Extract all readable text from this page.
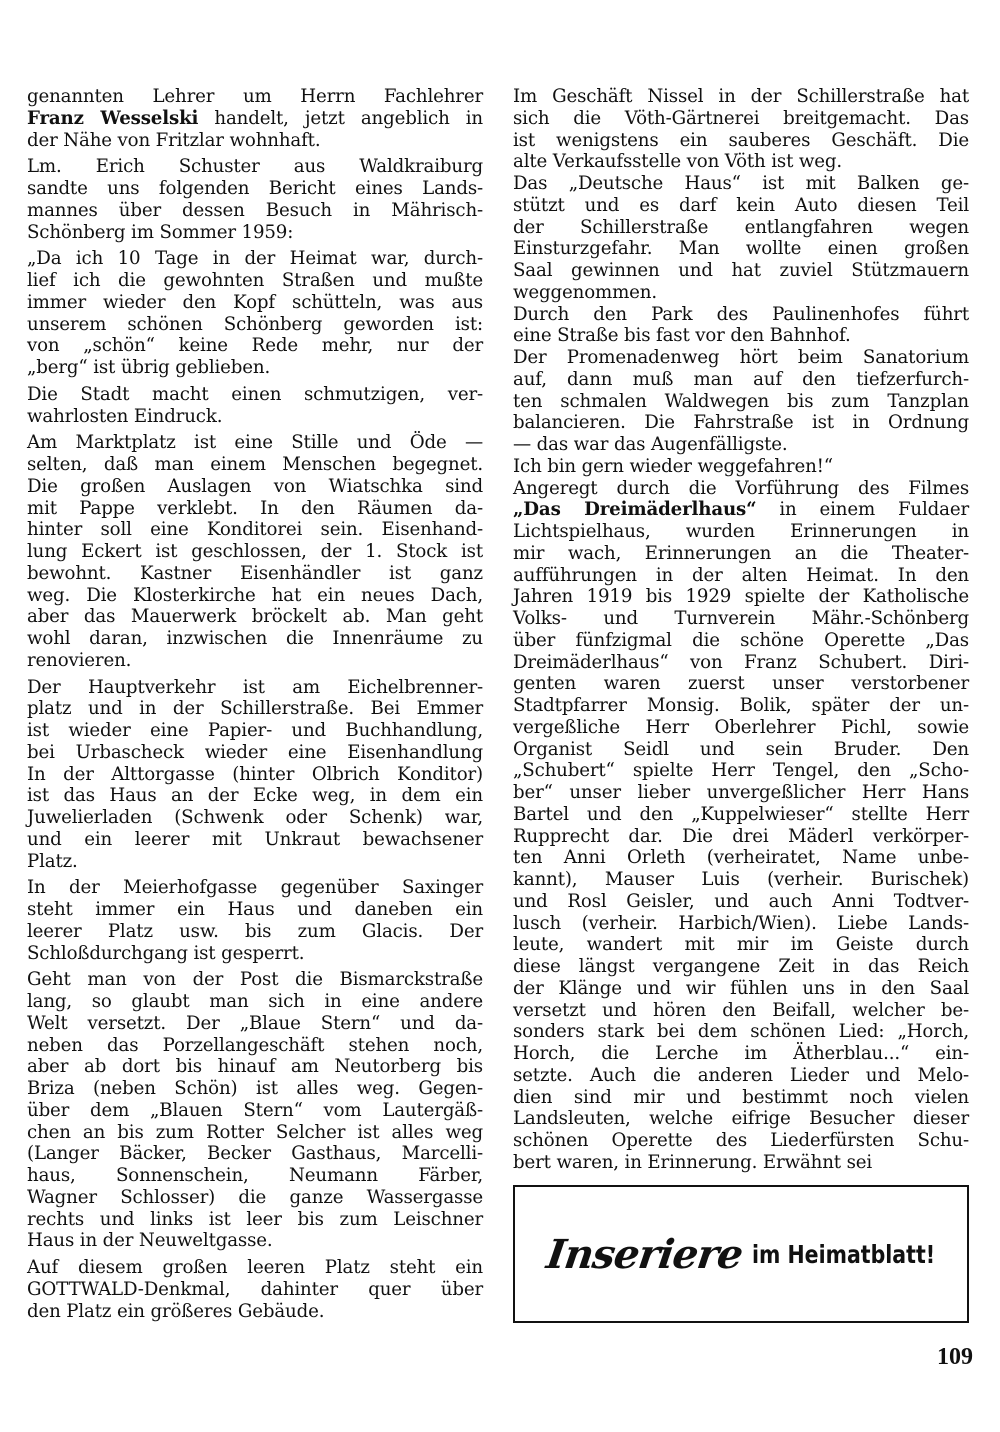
genannten Lehrer um Herrn Fachlehrer
Franz Wesselski handelt, jetzt angeblich in
der Nähe von Fritzlar wohnhaft.
Lm. Erich Schuster aus Waldkraiburg
sandte uns folgenden Bericht eines Lands-
mannes über dessen Besuch in Mährisch-
Schönberg im Sommer 1959:
„Da ich 10 Tage in der Heimat war, durch-
lief ich die gewohnten Straßen und mußte
immer wieder den Kopf schütteln, was aus
unserem schönen Schönberg geworden ist:
von „schön“ keine Rede mehr, nur der
„berg“ ist übrig geblieben.
Die Stadt macht einen schmutzigen, ver-
wahrlosten Eindruck.
Am Marktplatz ist eine Stille und Öde —
selten, daß man einem Menschen begegnet.
Die großen Auslagen von Wiatschka sind
mit Pappe verklebt. In den Räumen da-
hinter soll eine Konditorei sein. Eisenhand-
lung Eckert ist geschlossen, der 1. Stock ist
bewohnt. Kastner Eisenhändler ist ganz
weg. Die Klosterkirche hat ein neues Dach,
aber das Mauerwerk bröckelt ab. Man geht
wohl daran, inzwischen die Innenräume zu
renovieren.
Der Hauptverkehr ist am Eichelbrenner-
platz und in der Schillerstraße. Bei Emmer
ist wieder eine Papier- und Buchhandlung,
bei Urbascheck wieder eine Eisenhandlung
In der Alttorgasse (hinter Olbrich Konditor)
ist das Haus an der Ecke weg, in dem ein
Juwelierladen (Schwenk oder Schenk) war,
und ein leerer mit Unkraut bewachsener
Platz.
In der Meierhofgasse gegenüber Saxinger
steht immer ein Haus und daneben ein
leerer Platz usw. bis zum Glacis. Der
Schloßdurchgang ist gesperrt.
Geht man von der Post die Bismarckstraße
lang, so glaubt man sich in eine andere
Welt versetzt. Der „Blaue Stern“ und da-
neben das Porzellangeschäft stehen noch,
aber ab dort bis hinauf am Neutorberg bis
Briza (neben Schön) ist alles weg. Gegen-
über dem „Blauen Stern“ vom Lautergäß-
chen an bis zum Rotter Selcher ist alles weg
(Langer Bäcker, Becker Gasthaus, Marcelli-
haus, Sonnenschein, Neumann Färber,
Wagner Schlosser) die ganze Wassergasse
rechts und links ist leer bis zum Leischner
Haus in der Neuweltgasse.
Auf diesem großen leeren Platz steht ein
GOTTWALD-Denkmal, dahinter quer über
den Platz ein größeres Gebäude.
Im Geschäft Nissel in der Schillerstraße hat
sich die Vöth-Gärtnerei breitgemacht. Das
ist wenigstens ein sauberes Geschäft. Die
alte Verkaufsstelle von Vöth ist weg.
Das „Deutsche Haus“ ist mit Balken ge-
stützt und es darf kein Auto diesen Teil
der Schillerstraße entlangfahren wegen
Einsturzgefahr. Man wollte einen großen
Saal gewinnen und hat zuviel Stützmauern
weggenommen.
Durch den Park des Paulinenhofes führt
eine Straße bis fast vor den Bahnhof.
Der Promenadenweg hört beim Sanatorium
auf, dann muß man auf den tiefzerfurch-
ten schmalen Waldwegen bis zum Tanzplan
balancieren. Die Fahrstraße ist in Ordnung
— das war das Augenfälligste.
Ich bin gern wieder weggefahren!“
Angeregt durch die Vorführung des Filmes
„Das Dreimäderlhaus“ in einem Fuldaer
Lichtspielhaus, wurden Erinnerungen in
mir wach, Erinnerungen an die Theater-
aufführungen in der alten Heimat. In den
Jahren 1919 bis 1929 spielte der Katholische
Volks- und Turnverein Mähr.-Schönberg
über fünfzigmal die schöne Operette „Das
Dreimäderlhaus“ von Franz Schubert. Diri-
genten waren zuerst unser verstorbener
Stadtpfarrer Monsig. Bolik, später der un-
vergeßliche Herr Oberlehrer Pichl, sowie
Organist Seidl und sein Bruder. Den
„Schubert“ spielte Herr Tengel, den „Scho-
ber“ unser lieber unvergeßlicher Herr Hans
Bartel und den „Kuppelwieser“ stellte Herr
Rupprecht dar. Die drei Mäderl verkörper-
ten Anni Orleth (verheiratet, Name unbe-
kannt), Mauser Luis (verheir. Burischek)
und Rosl Geisler, und auch Anni Todtver-
lusch (verheir. Harbich/Wien). Liebe Lands-
leute, wandert mit mir im Geiste durch
diese längst vergangene Zeit in das Reich
der Klänge und wir fühlen uns in den Saal
versetzt und hören den Beifall, welcher be-
sonders stark bei dem schönen Lied: „Horch,
Horch, die Lerche im Ätherblau...“ ein-
setzte. Auch die anderen Lieder und Melo-
dien sind mir und bestimmt noch vielen
Landsleuten, welche eifrige Besucher dieser
schönen Operette des Liederfürsten Schu-
bert waren, in Erinnerung. Erwähnt sei
Inseriere im Heimatblatt!
109
